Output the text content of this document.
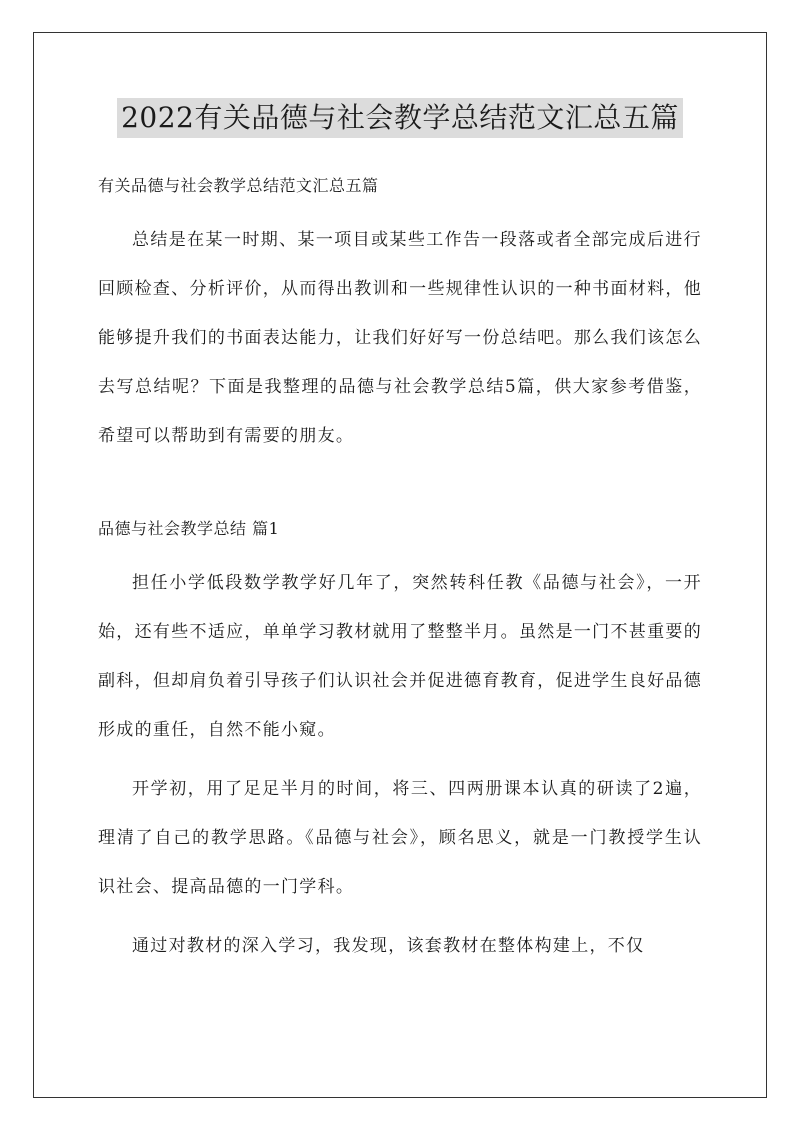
2022有关品德与社会教学总结范文汇总五篇
有关品德与社会教学总结范文汇总五篇

总结是在某一时期、某一项目或某些工作告一段落或者全部完成后进行回顾检查、分析评价，从而得出教训和一些规律性认识的一种书面材料，他能够提升我们的书面表达能力，让我们好好写一份总结吧。那么我们该怎么去写总结呢？下面是我整理的品德与社会教学总结5篇，供大家参考借鉴，希望可以帮助到有需要的朋友。

品德与社会教学总结 篇1

担任小学低段数学教学好几年了，突然转科任教《品德与社会》，一开始，还有些不适应，单单学习教材就用了整整半月。虽然是一门不甚重要的副科，但却肩负着引导孩子们认识社会并促进德育教育，促进学生良好品德形成的重任，自然不能小窥。

开学初，用了足足半月的时间，将三、四两册课本认真的研读了2遍，理清了自己的教学思路。《品德与社会》，顾名思义，就是一门教授学生认识社会、提高品德的一门学科。

通过对教材的深入学习，我发现，该套教材在整体构建上，不仅
